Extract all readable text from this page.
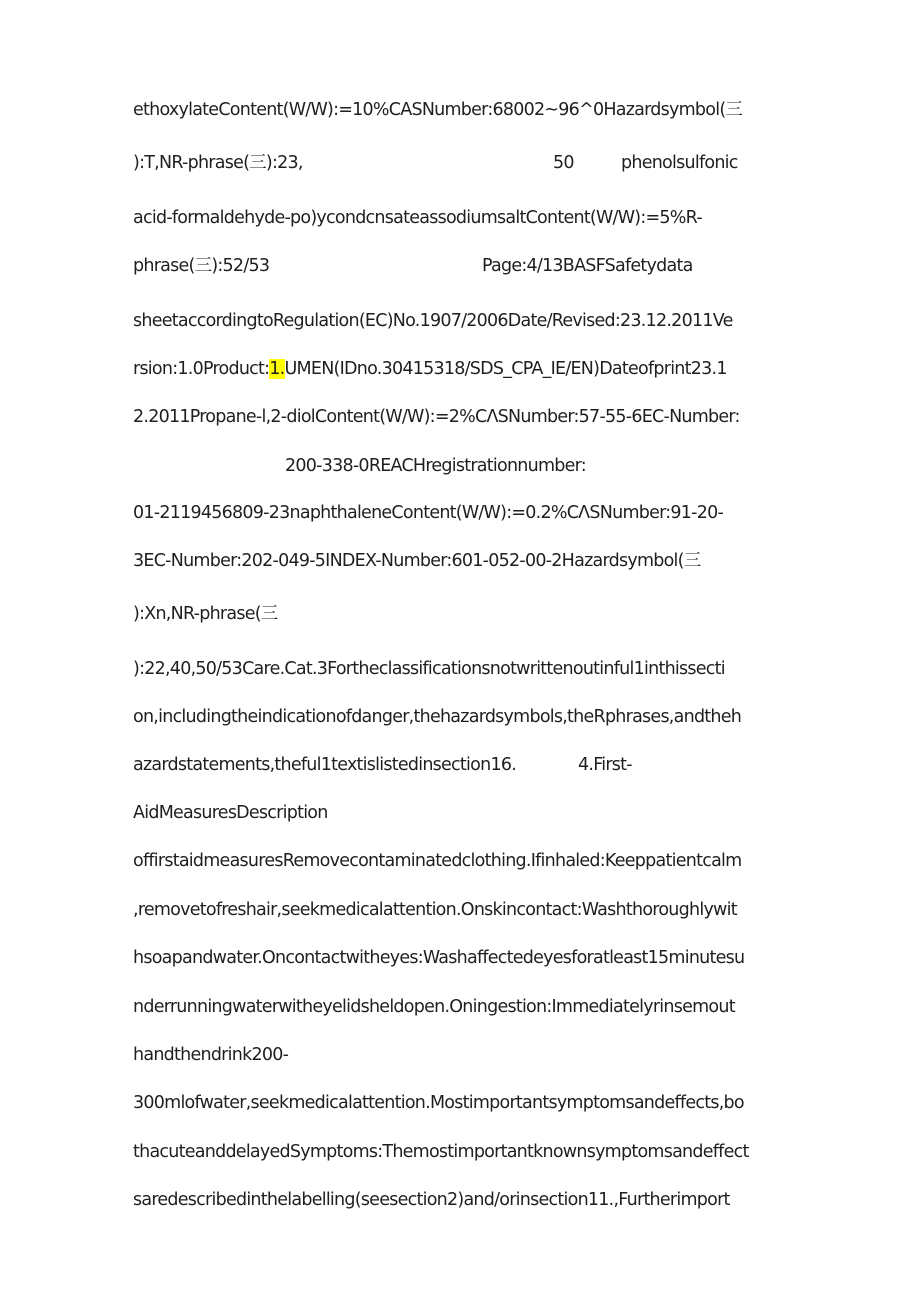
ethoxylateContent(W/W):=10%CASNumber:68002~96^0Hazardsymbol(三

):T,NR-phrase(三):23,

	50

	phenolsulfonic

acid-formaldehyde-po)ycondcnsateassodiumsaltContent(W/W):=5%R-

phrase(三):52/53

	Page:4/13BASFSafetydata

sheetaccordingtoRegulation(EC)No.1907/2006Date/Revised:23.12.2011Ve

rsion:1.0Product:1.UMEN(IDno.30415318/SDS_CPA_IE/EN)Dateofprint23.1

2.2011Propane-l,2-diolContent(W/W):=2%CΛSNumber:57-55-6EC-Number:

200-338-0REACHregistrationnumber:

01-2119456809-23naphthaleneContent(W/W):=0.2%CΛSNumber:91-20-

3EC-Number:202-049-5INDEX-Number:601-052-00-2Hazardsymbol(三

):Xn,NR-phrase(三

):22,40,50/53Care.Cat.3Fortheclassificationsnotwrittenoutinful1inthissecti

on,includingtheindicationofdanger,thehazardsymbols,theRphrases,andtheh

azardstatements,theful1textislistedinsection16.

	4.First-

AidMeasuresDescription

offirstaidmeasuresRemovecontaminatedclothing.Ifinhaled:Keeppatientcalm

,removetofreshair,seekmedicalattention.Onskincontact:Washthoroughlywit

hsoapandwater.Oncontactwitheyes:Washaffectedeyesforatleast15minutesu

nderrunningwaterwitheyelidsheldopen.Oningestion:Immediatelyrinsemout

handthendrink200-

300mlofwater,seekmedicalattention.Mostimportantsymptomsandeffects,bo

thacuteanddelayedSymptoms:Themostimportantknownsymptomsandeffect

saredescribedinthelabelling(seesection2)and/orinsection11.,Furtherimport
